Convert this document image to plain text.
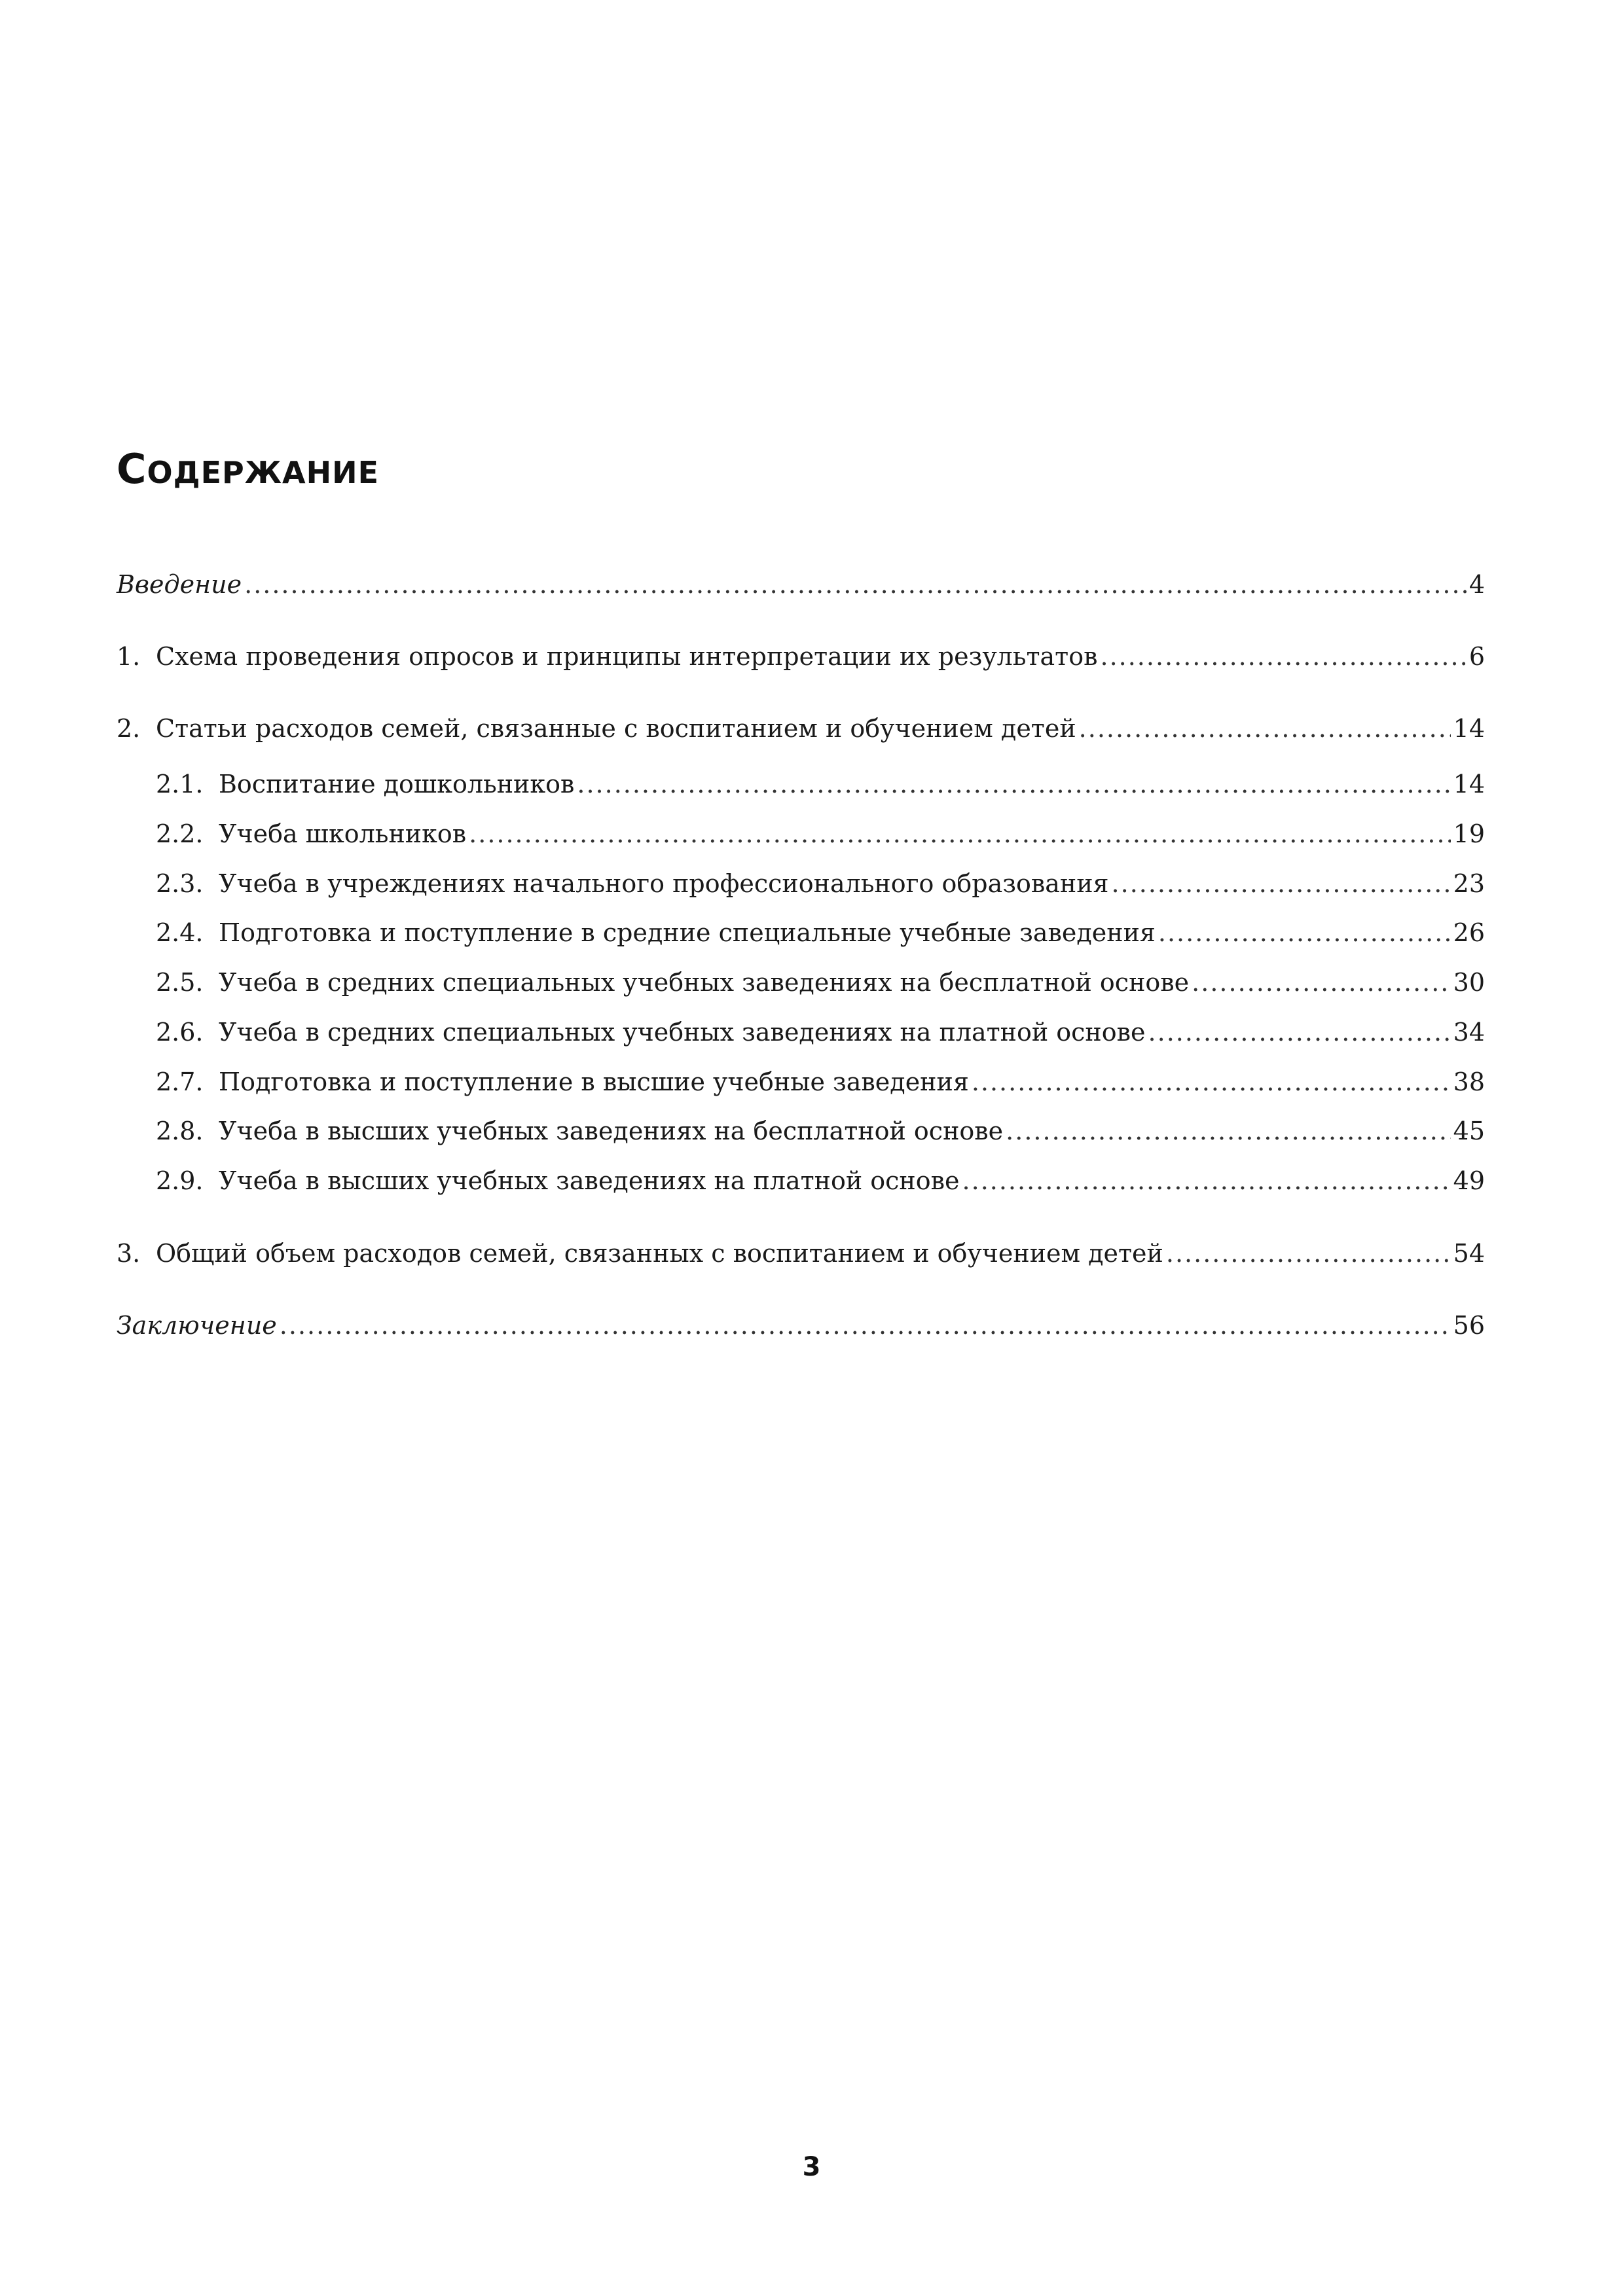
СОДЕРЖАНИЕ
Введение .....	4
1. Схема проведения опросов и принципы интерпретации их результатов .....	6
2. Статьи расходов семей, связанные с воспитанием и обучением детей .....	14
2.1. Воспитание дошкольников .....	14
2.2. Учеба школьников .....	19
2.3. Учеба в учреждениях начального профессионального образования .....	23
2.4. Подготовка и поступление в средние специальные учебные заведения .....	26
2.5. Учеба в средних специальных учебных заведениях на бесплатной основе .....	30
2.6. Учеба в средних специальных учебных заведениях на платной основе .....	34
2.7. Подготовка и поступление в высшие учебные заведения .....	38
2.8. Учеба в высших учебных заведениях на бесплатной основе .....	45
2.9. Учеба в высших учебных заведениях на платной основе .....	49
3. Общий объем расходов семей, связанных с воспитанием и обучением детей .....	54
Заключение .....	56
3
